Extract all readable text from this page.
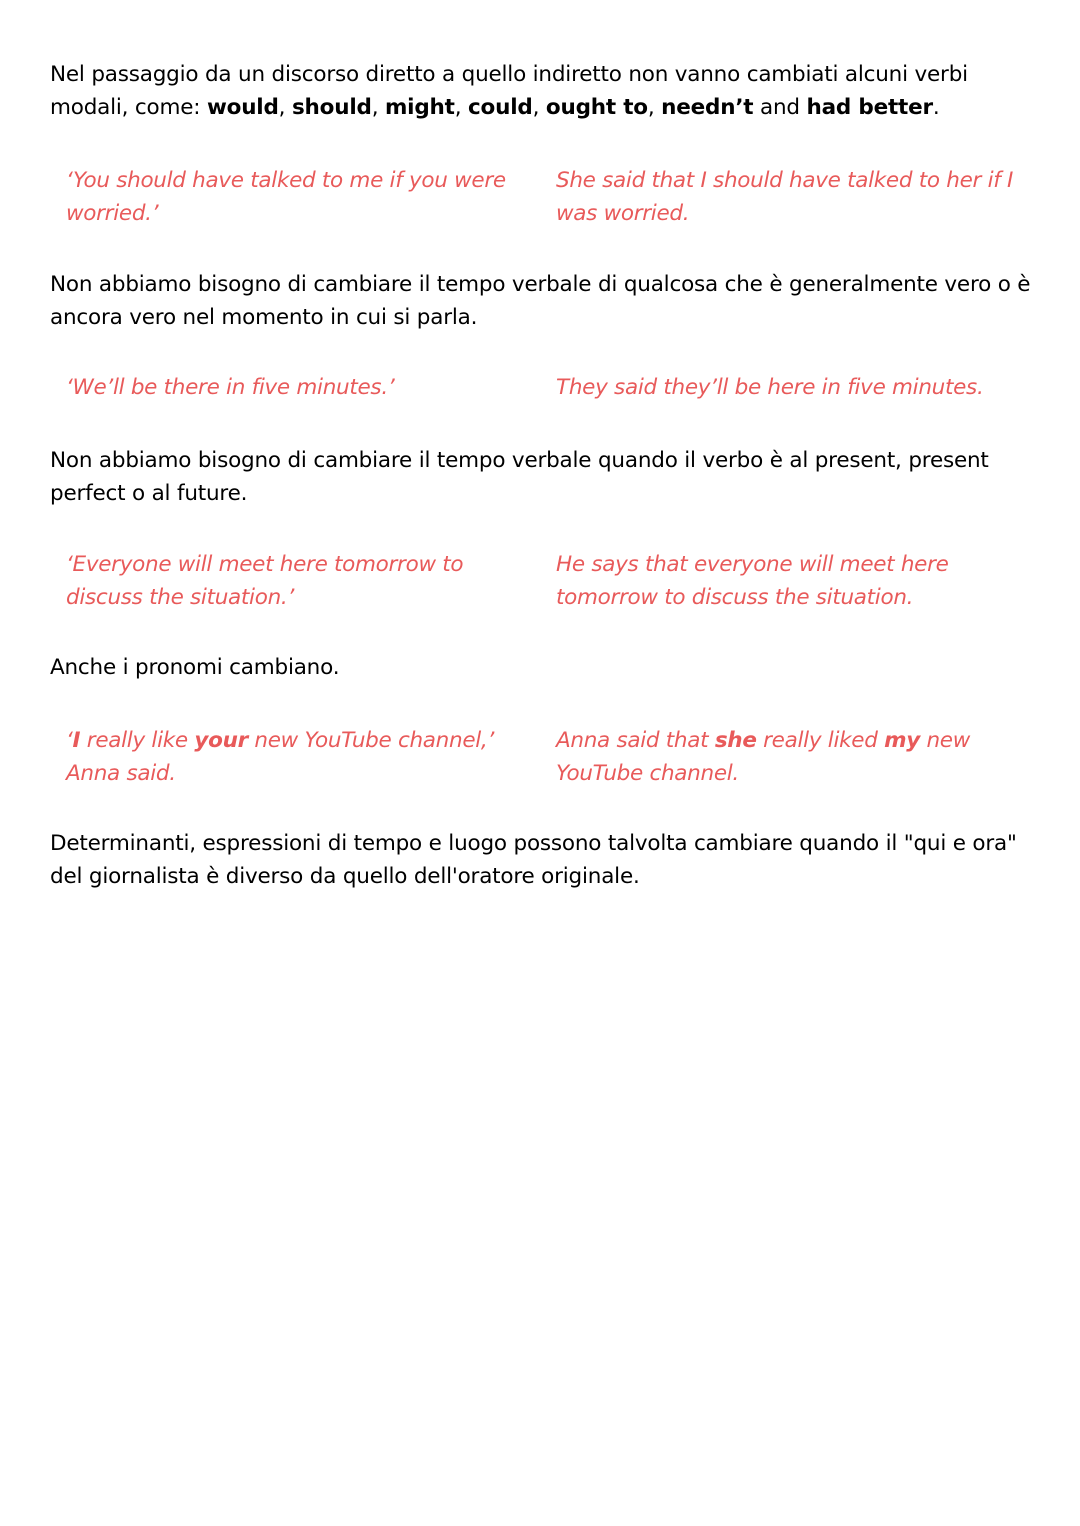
Nel passaggio da un discorso diretto a quello indiretto non vanno cambiati alcuni verbi modali, come: would, should, might, could, ought to, needn’t and had better.

‘You should have talked to me if you were worried.’

She said that I should have talked to her if I was worried.

Non abbiamo bisogno di cambiare il tempo verbale di qualcosa che è generalmente vero o è ancora vero nel momento in cui si parla.

‘We’ll be there in five minutes.’	They said they’ll be here in five minutes.

Non abbiamo bisogno di cambiare il tempo verbale quando il verbo è al present, present perfect o al future.

‘Everyone will meet here tomorrow to discuss the situation.’

He says that everyone will meet here tomorrow to discuss the situation.

Anche i pronomi cambiano.

‘I really like your new YouTube channel,’ Anna said.

Anna said that she really liked my new YouTube channel.

Determinanti, espressioni di tempo e luogo possono talvolta cambiare quando il "qui e ora" del giornalista è diverso da quello dell'oratore originale.
